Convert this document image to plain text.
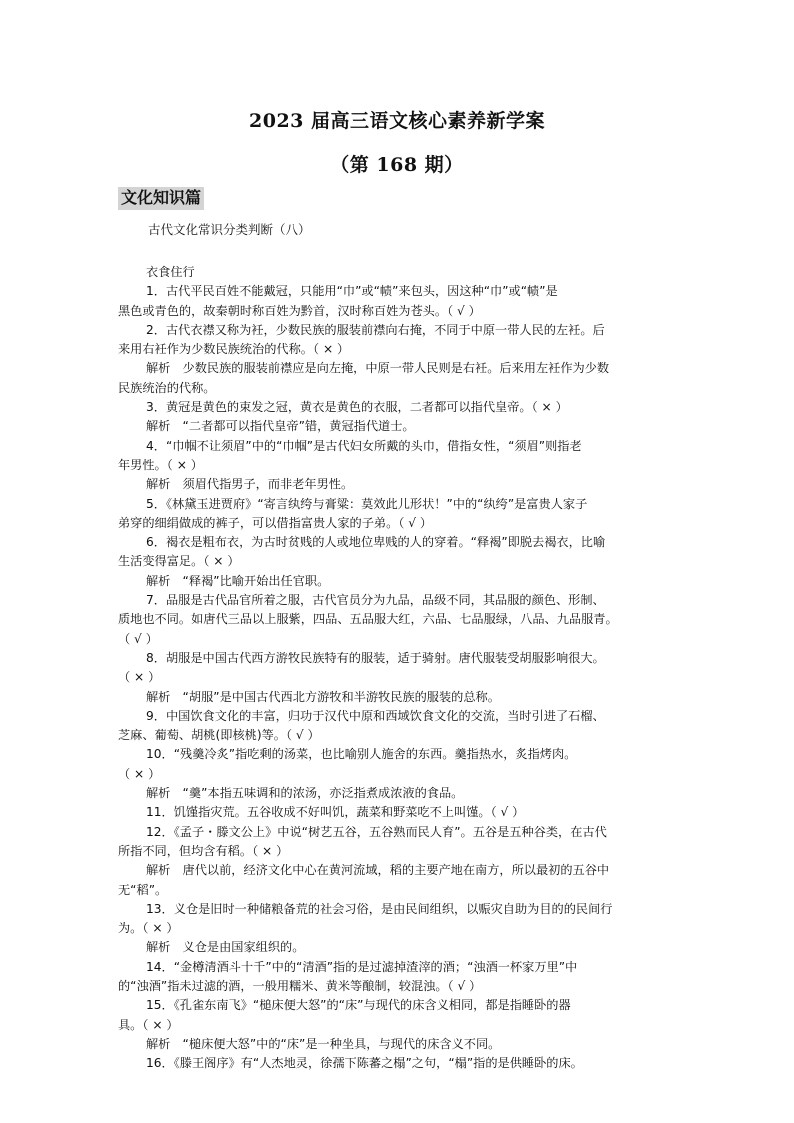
2023 届高三语文核心素养新学案
（第 168 期）
文化知识篇
古代文化常识分类判断（八）
衣食住行
1．古代平民百姓不能戴冠，只能用“巾”或“帻”来包头，因这种“巾”或“帻”是
黑色或青色的，故秦朝时称百姓为黔首，汉时称百姓为苍头。（ √ ）
2．古代衣襟又称为衽，少数民族的服装前襟向右掩，不同于中原一带人民的左衽。后
来用右衽作为少数民族统治的代称。（ × ）
解析　少数民族的服装前襟应是向左掩，中原一带人民则是右衽。后来用左衽作为少数
民族统治的代称。
3．黄冠是黄色的束发之冠，黄衣是黄色的衣服，二者都可以指代皇帝。（ × ）
解析　“二者都可以指代皇帝”错，黄冠指代道士。
4．“巾帼不让须眉”中的“巾帼”是古代妇女所戴的头巾，借指女性，“须眉”则指老
年男性。（ × ）
解析　须眉代指男子，而非老年男性。
5．《林黛玉进贾府》“寄言纨绔与膏粱：莫效此儿形状！”中的“纨绔”是富贵人家子
弟穿的细绢做成的裤子，可以借指富贵人家的子弟。（ √ ）
6．褐衣是粗布衣，为古时贫贱的人或地位卑贱的人的穿着。“释褐”即脱去褐衣，比喻
生活变得富足。（ × ）
解析　“释褐”比喻开始出任官职。
7．品服是古代品官所着之服，古代官员分为九品，品级不同，其品服的颜色、形制、
质地也不同。如唐代三品以上服紫，四品、五品服大红，六品、七品服绿，八品、九品服青。
（ √ ）
8．胡服是中国古代西方游牧民族特有的服装，适于骑射。唐代服装受胡服影响很大。
（ × ）
解析　“胡服”是中国古代西北方游牧和半游牧民族的服装的总称。
9．中国饮食文化的丰富，归功于汉代中原和西域饮食文化的交流，当时引进了石榴、
芝麻、葡萄、胡桃(即核桃)等。（ √ ）
10．“残羹冷炙”指吃剩的汤菜，也比喻别人施舍的东西。羹指热水，炙指烤肉。
（ × ）
解析　“羹”本指五味调和的浓汤，亦泛指煮成浓液的食品。
11．饥馑指灾荒。五谷收成不好叫饥，蔬菜和野菜吃不上叫馑。（ √ ）
12．《孟子・滕文公上》中说“树艺五谷，五谷熟而民人育”。五谷是五种谷类，在古代
所指不同，但均含有稻。（ × ）
解析　唐代以前，经济文化中心在黄河流域，稻的主要产地在南方，所以最初的五谷中
无“稻”。
13．义仓是旧时一种储粮备荒的社会习俗，是由民间组织，以赈灾自助为目的的民间行
为。（ × ）
解析　义仓是由国家组织的。
14．“金樽清酒斗十千”中的“清酒”指的是过滤掉渣滓的酒；“浊酒一杯家万里”中
的“浊酒”指未过滤的酒，一般用糯米、黄米等酿制，较混浊。（ √ ）
15．《孔雀东南飞》“槌床便大怒”的“床”与现代的床含义相同，都是指睡卧的器
具。（ × ）
解析　“槌床便大怒”中的“床”是一种坐具，与现代的床含义不同。
16．《滕王阁序》有“人杰地灵，徐孺下陈蕃之榻”之句，“榻”指的是供睡卧的床。
